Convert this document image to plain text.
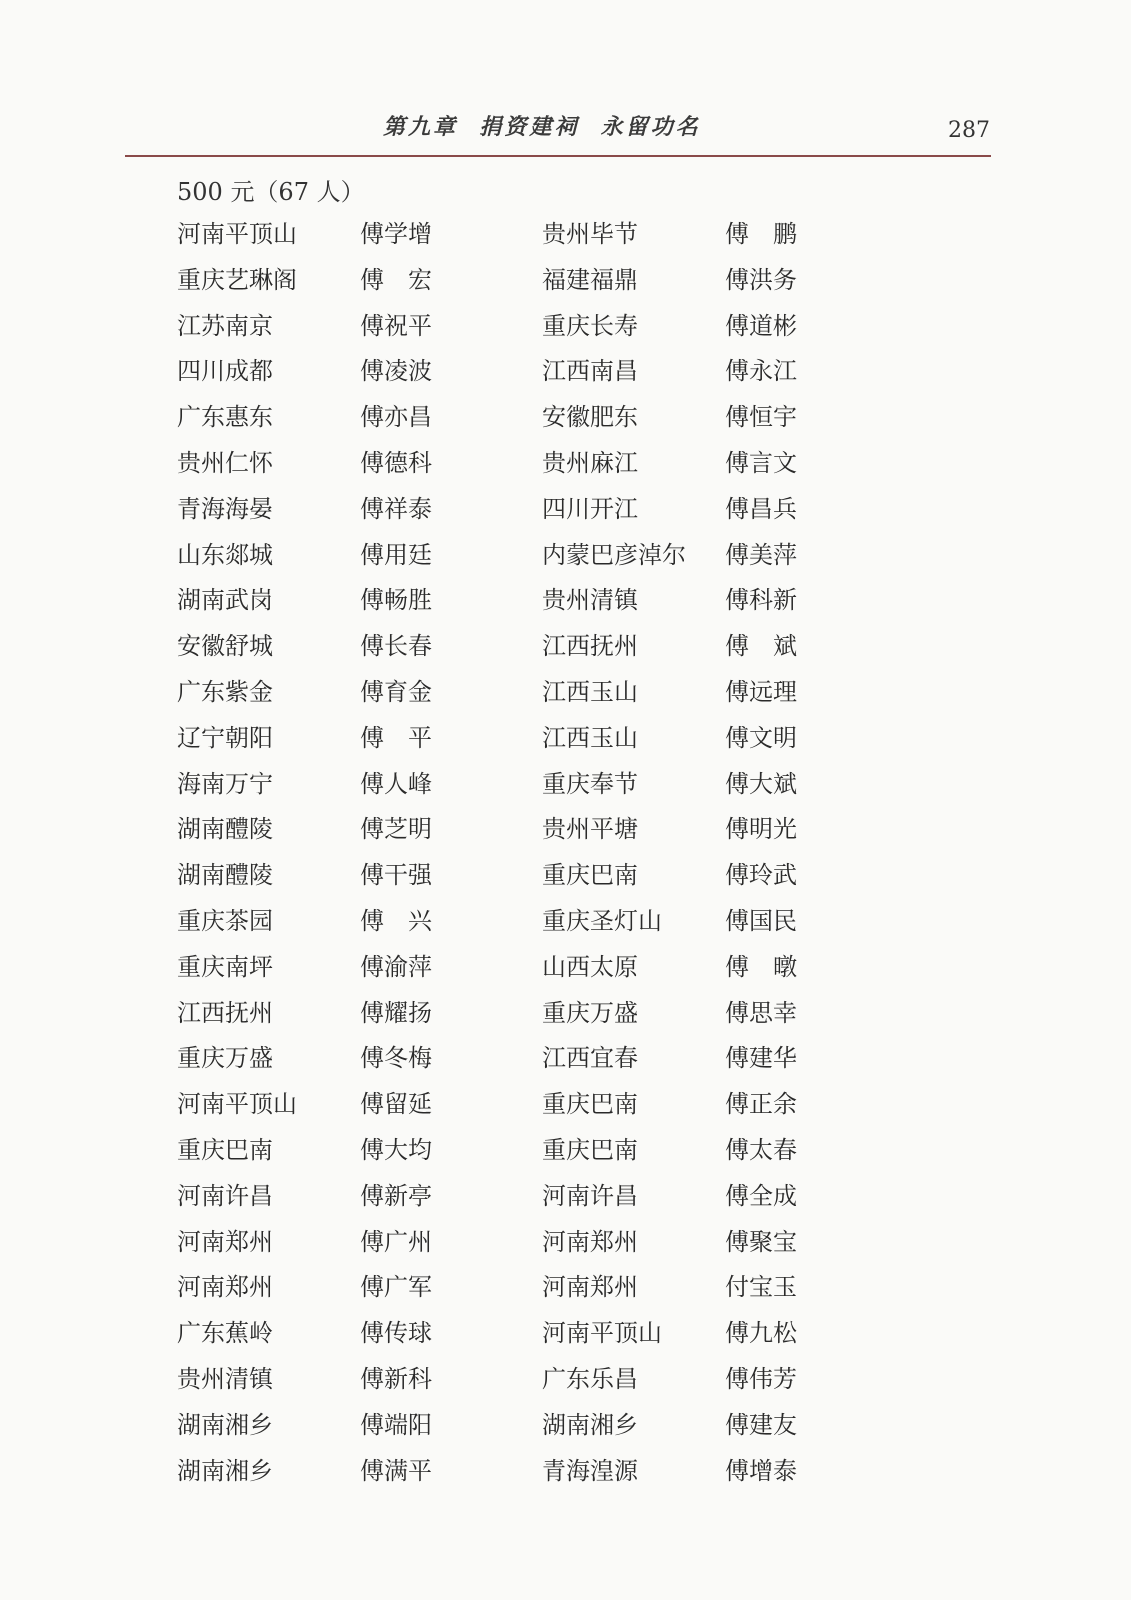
第九章  捐资建祠  永留功名	287
500 元（67 人）
河南平顶山	傅学增	贵州毕节	傅　鹏
重庆艺琳阁	傅　宏	福建福鼎	傅洪务
江苏南京	傅祝平	重庆长寿	傅道彬
四川成都	傅凌波	江西南昌	傅永江
广东惠东	傅亦昌	安徽肥东	傅恒宇
贵州仁怀	傅德科	贵州麻江	傅言文
青海海晏	傅祥泰	四川开江	傅昌兵
山东郯城	傅用廷	内蒙巴彦淖尔 傅美萍
湖南武岗	傅畅胜	贵州清镇	傅科新
安徽舒城	傅长春	江西抚州	傅　斌
广东紫金	傅育金	江西玉山	傅远理
辽宁朝阳	傅　平	江西玉山	傅文明
海南万宁	傅人峰	重庆奉节	傅大斌
湖南醴陵	傅芝明	贵州平塘	傅明光
湖南醴陵	傅干强	重庆巴南	傅玲武
重庆茶园	傅　兴	重庆圣灯山	傅国民
重庆南坪	傅渝萍	山西太原	傅　暾
江西抚州	傅耀扬	重庆万盛	傅思幸
重庆万盛	傅冬梅	江西宜春	傅建华
河南平顶山	傅留延	重庆巴南	傅正余
重庆巴南	傅大均	重庆巴南	傅太春
河南许昌	傅新亭	河南许昌	傅全成
河南郑州	傅广州	河南郑州	傅聚宝
河南郑州	傅广军	河南郑州	付宝玉
广东蕉岭	傅传球	河南平顶山	傅九松
贵州清镇	傅新科	广东乐昌	傅伟芳
湖南湘乡	傅端阳	湖南湘乡	傅建友
湖南湘乡	傅满平	青海湟源	傅增泰
